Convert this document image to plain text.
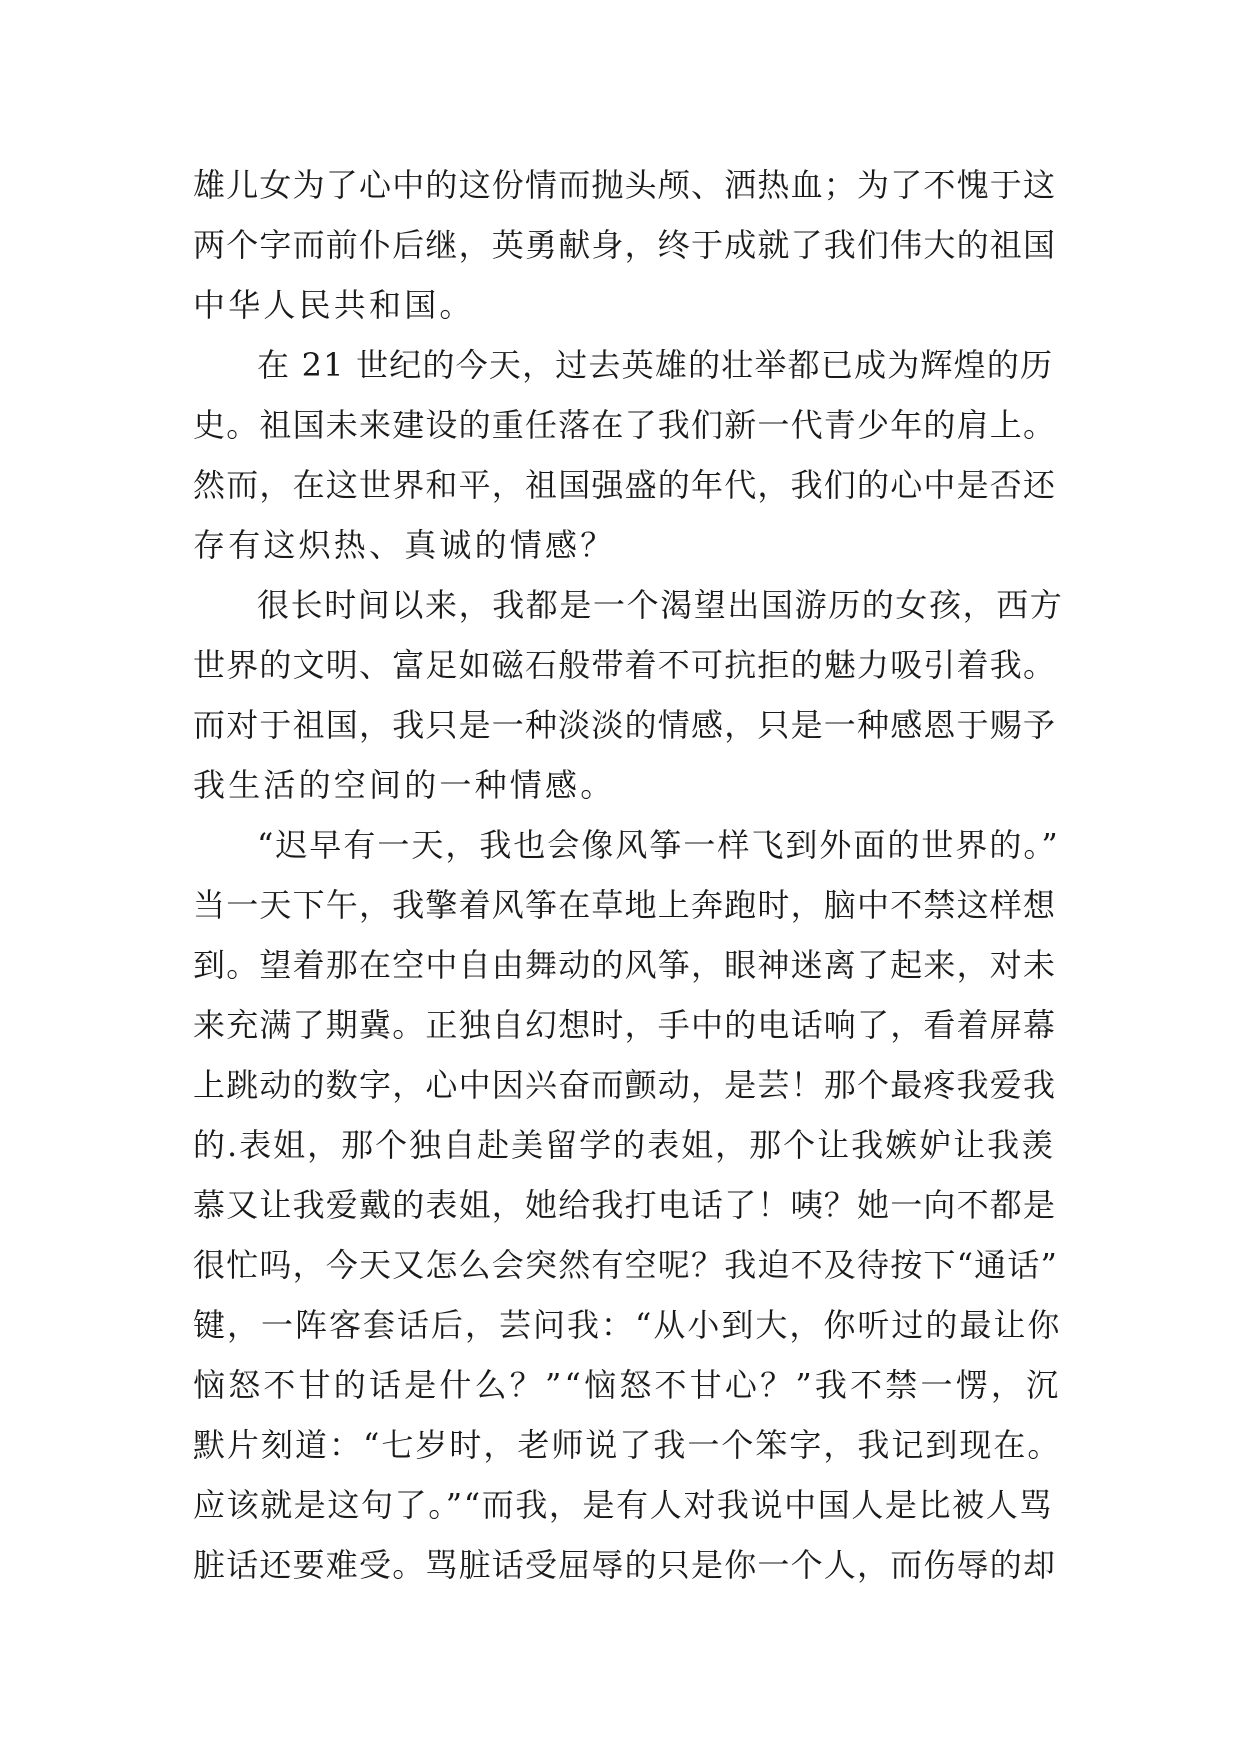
雄儿女为了心中的这份情而抛头颅、洒热血；为了不愧于这
两个字而前仆后继，英勇献身，终于成就了我们伟大的祖国
中华人民共和国。
在 21 世纪的今天，过去英雄的壮举都已成为辉煌的历
史。祖国未来建设的重任落在了我们新一代青少年的肩上。
然而，在这世界和平，祖国强盛的年代，我们的心中是否还
存有这炽热、真诚的情感？
很长时间以来，我都是一个渴望出国游历的女孩，西方
世界的文明、富足如磁石般带着不可抗拒的魅力吸引着我。
而对于祖国，我只是一种淡淡的情感，只是一种感恩于赐予
我生活的空间的一种情感。
“迟早有一天，我也会像风筝一样飞到外面的世界的。”
当一天下午，我擎着风筝在草地上奔跑时，脑中不禁这样想
到。望着那在空中自由舞动的风筝，眼神迷离了起来，对未
来充满了期冀。正独自幻想时，手中的电话响了，看着屏幕
上跳动的数字，心中因兴奋而颤动，是芸！那个最疼我爱我
的.表姐，那个独自赴美留学的表姐，那个让我嫉妒让我羡
慕又让我爱戴的表姐，她给我打电话了！咦？她一向不都是
很忙吗，今天又怎么会突然有空呢？我迫不及待按下“通话”
键，一阵客套话后，芸问我：“从小到大，你听过的最让你
恼怒不甘的话是什么？”“恼怒不甘心？”我不禁一愣，沉
默片刻道：“七岁时，老师说了我一个笨字，我记到现在。
应该就是这句了。”“而我，是有人对我说中国人是比被人骂
脏话还要难受。骂脏话受屈辱的只是你一个人，而伤辱的却
